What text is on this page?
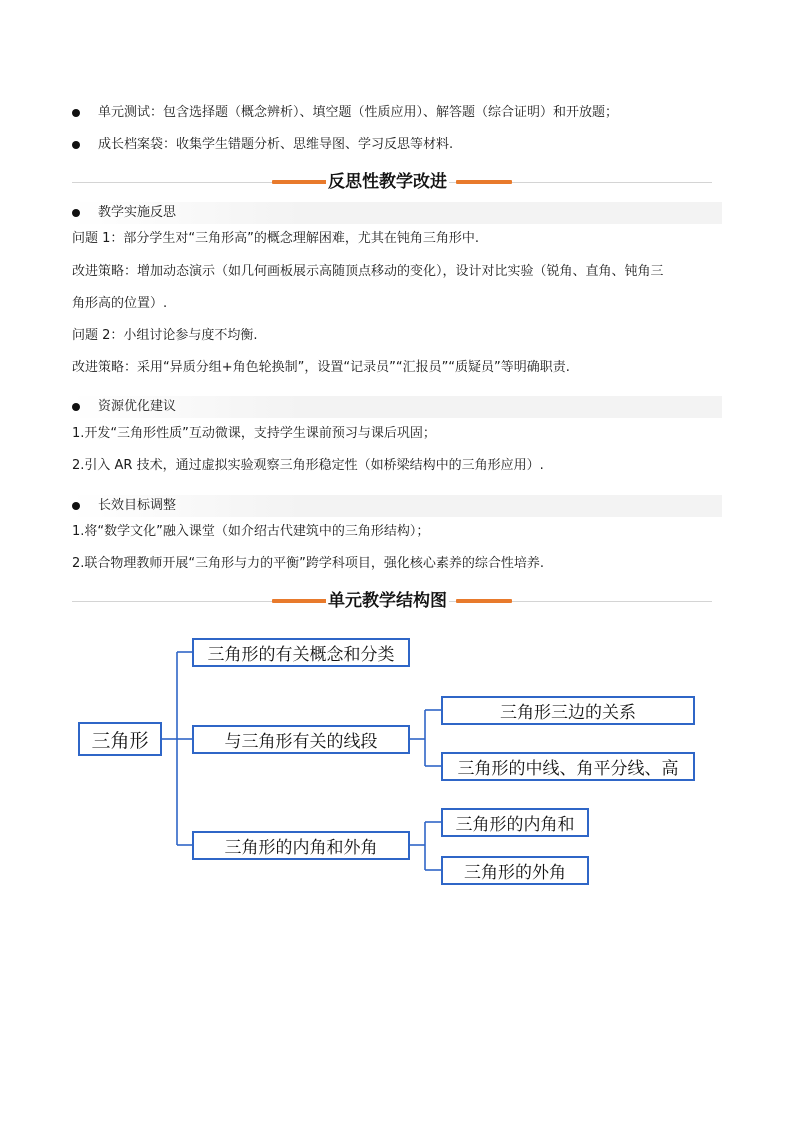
单元测试：包含选择题（概念辨析）、填空题（性质应用）、解答题（综合证明）和开放题；
成长档案袋：收集学生错题分析、思维导图、学习反思等材料.
反思性教学改进
教学实施反思
问题 1：部分学生对“三角形高”的概念理解困难，尤其在钝角三角形中.
改进策略：增加动态演示（如几何画板展示高随顶点移动的变化），设计对比实验（锐角、直角、钝角三
角形高的位置）.
问题 2：小组讨论参与度不均衡.
改进策略：采用“异质分组+角色轮换制”，设置“记录员”“汇报员”“质疑员”等明确职责.
资源优化建议
1.开发“三角形性质”互动微课，支持学生课前预习与课后巩固；
2.引入 AR 技术，通过虚拟实验观察三角形稳定性（如桥梁结构中的三角形应用）.
长效目标调整
1.将“数学文化”融入课堂（如介绍古代建筑中的三角形结构）；
2.联合物理教师开展“三角形与力的平衡”跨学科项目，强化核心素养的综合性培养.
单元教学结构图
三角形
三角形的有关概念和分类
与三角形有关的线段
三角形三边的关系
三角形的中线、角平分线、高
三角形的内角和外角
三角形的内角和
三角形的外角
